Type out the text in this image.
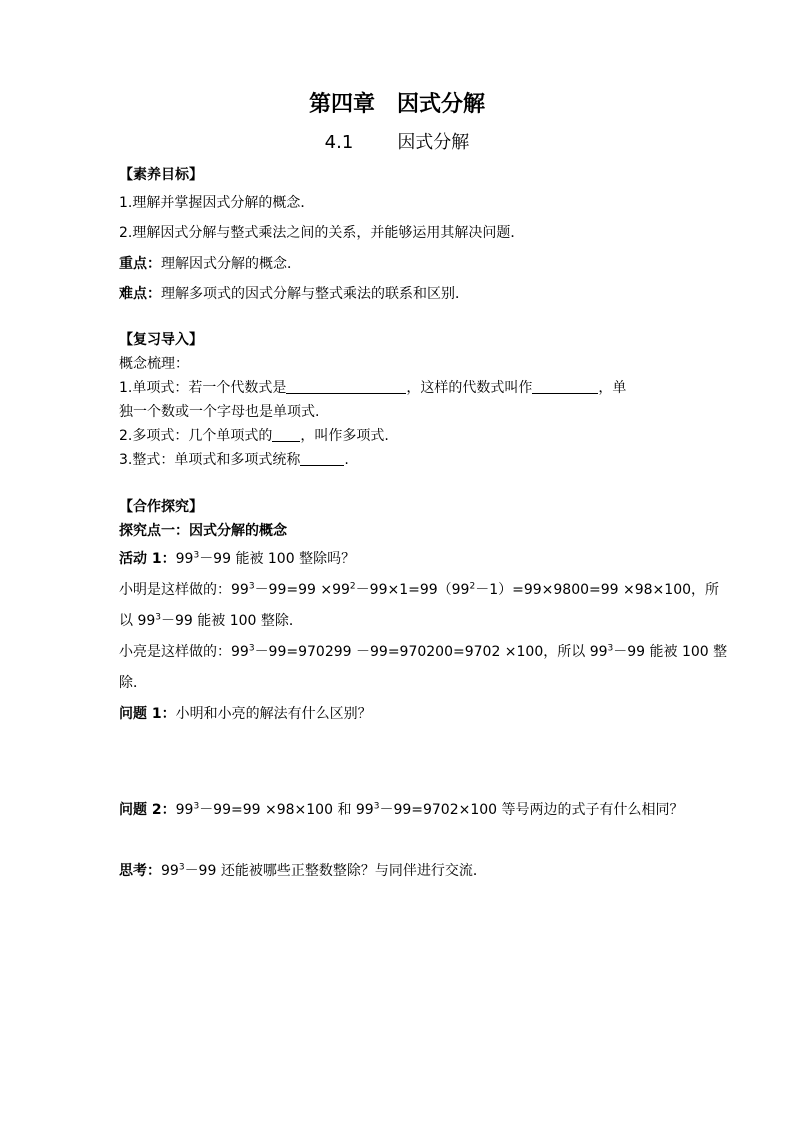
第四章　因式分解
4.1 因式分解
【素养目标】
1.理解并掌握因式分解的概念．
2.理解因式分解与整式乘法之间的关系，并能够运用其解决问题．
重点：理解因式分解的概念．
难点：理解多项式的因式分解与整式乘法的联系和区别．
【复习导入】
概念梳理：
1.单项式：若一个代数式是	，这样的代数式叫作	，单
独一个数或一个字母也是单项式.
2.多项式：几个单项式的 ，叫作多项式.
3.整式：单项式和多项式统称	.
【合作探究】
探究点一：因式分解的概念
活动 1：$99^3-99$ 能被 100 整除吗？
小明是这样做的：$99^3-99=99 \times 99^2-99\times 1=99(99^2-1)=99\times 9800=99 \times 98\times 100$，所
以 $99^3-99$ 能被 100 整除．
小亮是这样做的：$99^3-99=970299 -99=970200=9702 \times 100$，所以 $99^3-99$ 能被 100 整
除．
问题 1：小明和小亮的解法有什么区别？
问题 2：$99^3-99=99 \times 98\times 100$ 和 $99^3-99=9702\times 100$ 等号两边的式子有什么相同？
思考：$99^3-99$ 还能被哪些正整数整除？与同伴进行交流．
